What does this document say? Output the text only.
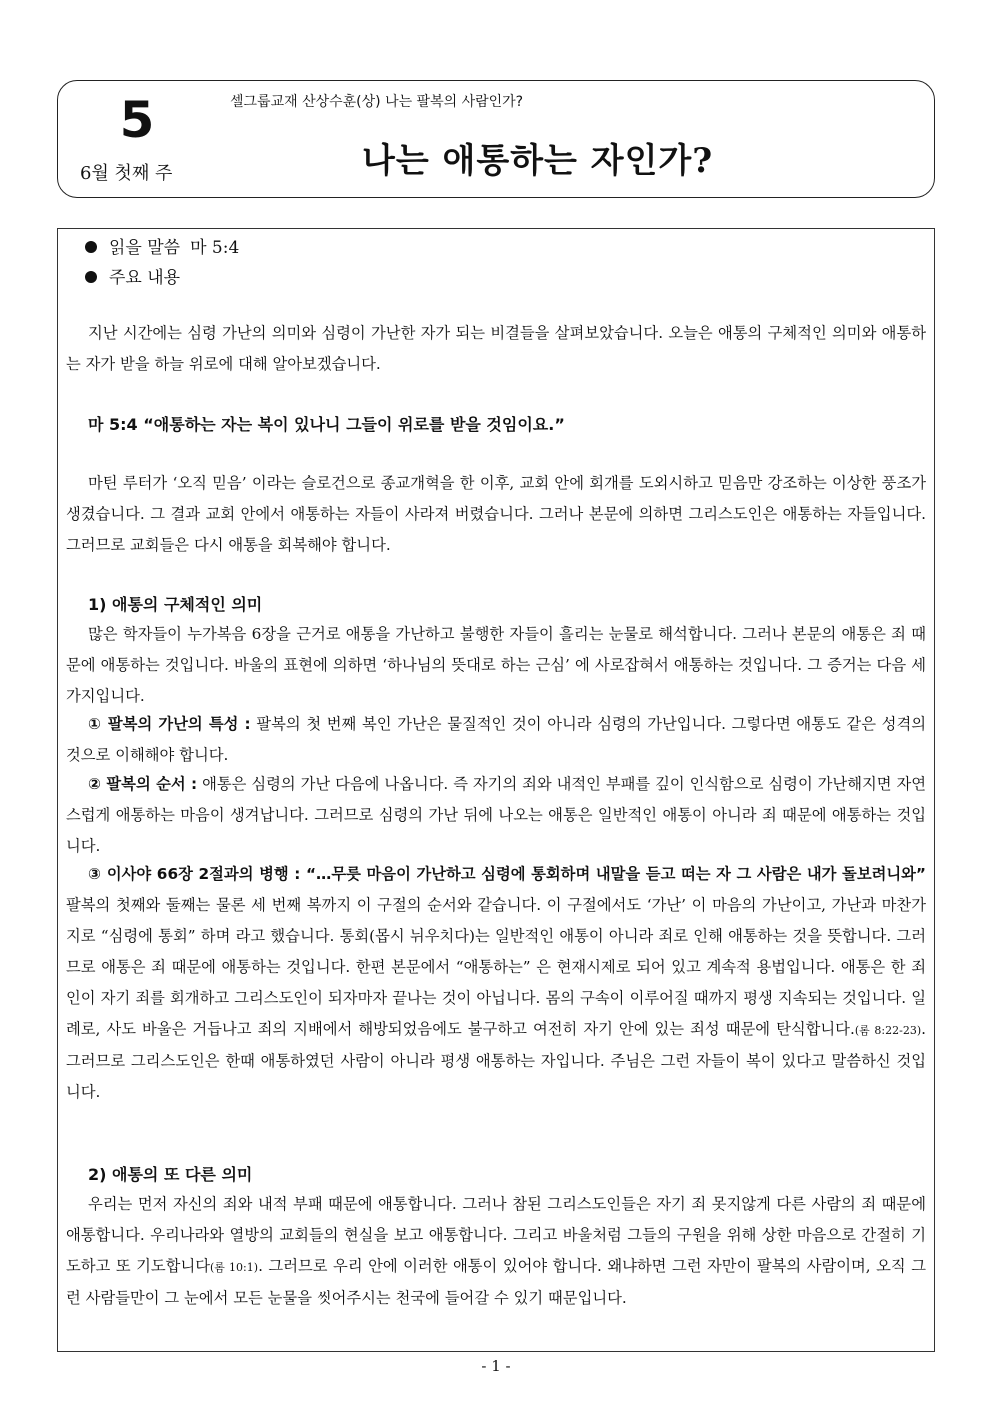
5
6월 첫째 주
셀그룹교재 산상수훈(상) 나는 팔복의 사람인가?
나는 애통하는 자인가?
읽을 말씀 마 5:4
주요 내용
지난 시간에는 심령 가난의 의미와 심령이 가난한 자가 되는 비결들을 살펴보았습니다. 오늘은 애통의 구체적인 의미와 애통하는 자가 받을 하늘 위로에 대해 알아보겠습니다.
마 5:4 “애통하는 자는 복이 있나니 그들이 위로를 받을 것임이요.”
마틴 루터가 ‘오직 믿음’ 이라는 슬로건으로 종교개혁을 한 이후, 교회 안에 회개를 도외시하고 믿음만 강조하는 이상한 풍조가 생겼습니다. 그 결과 교회 안에서 애통하는 자들이 사라져 버렸습니다. 그러나 본문에 의하면 그리스도인은 애통하는 자들입니다. 그러므로 교회들은 다시 애통을 회복해야 합니다.
1) 애통의 구체적인 의미
많은 학자들이 누가복음 6장을 근거로 애통을 가난하고 불행한 자들이 흘리는 눈물로 해석합니다. 그러나 본문의 애통은 죄 때문에 애통하는 것입니다. 바울의 표현에 의하면 ‘하나님의 뜻대로 하는 근심’ 에 사로잡혀서 애통하는 것입니다. 그 증거는 다음 세 가지입니다.
① 팔복의 가난의 특성 : 팔복의 첫 번째 복인 가난은 물질적인 것이 아니라 심령의 가난입니다. 그렇다면 애통도 같은 성격의 것으로 이해해야 합니다.
② 팔복의 순서 : 애통은 심령의 가난 다음에 나옵니다. 즉 자기의 죄와 내적인 부패를 깊이 인식함으로 심령이 가난해지면 자연스럽게 애통하는 마음이 생겨납니다. 그러므로 심령의 가난 뒤에 나오는 애통은 일반적인 애통이 아니라 죄 때문에 애통하는 것입니다.
③ 이사야 66장 2절과의 병행 : “…무릇 마음이 가난하고 심령에 통회하며 내말을 듣고 떠는 자 그 사람은 내가 돌보려니와” 팔복의 첫째와 둘째는 물론 세 번째 복까지 이 구절의 순서와 같습니다. 이 구절에서도 ‘가난’ 이 마음의 가난이고, 가난과 마찬가지로 “심령에 통회” 하며 라고 했습니다. 통회(몹시 뉘우치다)는 일반적인 애통이 아니라 죄로 인해 애통하는 것을 뜻합니다. 그러므로 애통은 죄 때문에 애통하는 것입니다. 한편 본문에서 “애통하는” 은 현재시제로 되어 있고 계속적 용법입니다. 애통은 한 죄인이 자기 죄를 회개하고 그리스도인이 되자마자 끝나는 것이 아닙니다. 몸의 구속이 이루어질 때까지 평생 지속되는 것입니다. 일례로, 사도 바울은 거듭나고 죄의 지배에서 해방되었음에도 불구하고 여전히 자기 안에 있는 죄성 때문에 탄식합니다.(롬 8:22-23). 그러므로 그리스도인은 한때 애통하였던 사람이 아니라 평생 애통하는 자입니다. 주님은 그런 자들이 복이 있다고 말씀하신 것입니다.
2) 애통의 또 다른 의미
우리는 먼저 자신의 죄와 내적 부패 때문에 애통합니다. 그러나 참된 그리스도인들은 자기 죄 못지않게 다른 사람의 죄 때문에 애통합니다. 우리나라와 열방의 교회들의 현실을 보고 애통합니다. 그리고 바울처럼 그들의 구원을 위해 상한 마음으로 간절히 기도하고 또 기도합니다(롬 10:1). 그러므로 우리 안에 이러한 애통이 있어야 합니다. 왜냐하면 그런 자만이 팔복의 사람이며, 오직 그런 사람들만이 그 눈에서 모든 눈물을 씻어주시는 천국에 들어갈 수 있기 때문입니다.
- 1 -
